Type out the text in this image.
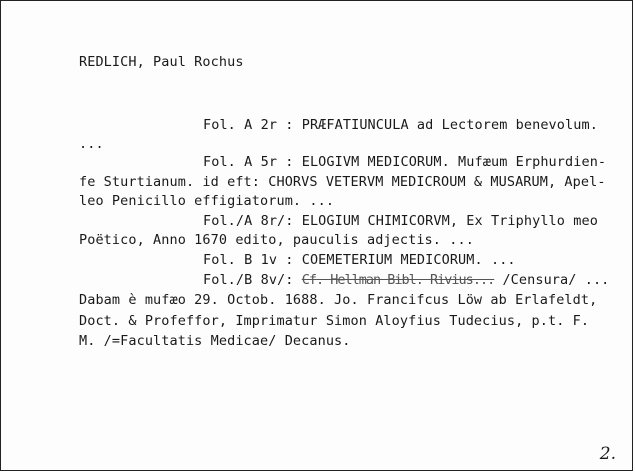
REDLICH, Paul Rochus
Fol. A 2r : PRÆFATIUNCULA ad Lectorem benevolum.
...
Fol. A 5r : ELOGIVM MEDICORUM. Mufæum Erphurdien-
fe Sturtianum. id eft: CHORVS VETERVM MEDICROUM & MUSARUM, Apel-
leo Penicillo effigiatorum. ...
Fol./A 8r/: ELOGIUM CHIMICORVM, Ex Triphyllo meo
Poëtico, Anno 1670 edito, pauculis adjectis. ...
Fol. B 1v : COEMETERIUM MEDICORUM. ...
Fol./B 8v/: Cf. Hellman Bibl. Rivius... /Censura/ ...
Dabam è mufæo 29. Octob. 1688. Jo. Francifcus Löw ab Erlafeldt,
Doct. & Profeffor, Imprimatur Simon Aloyfius Tudecius, p.t. F.
M. /=Facultatis Medicae/ Decanus.
2.
